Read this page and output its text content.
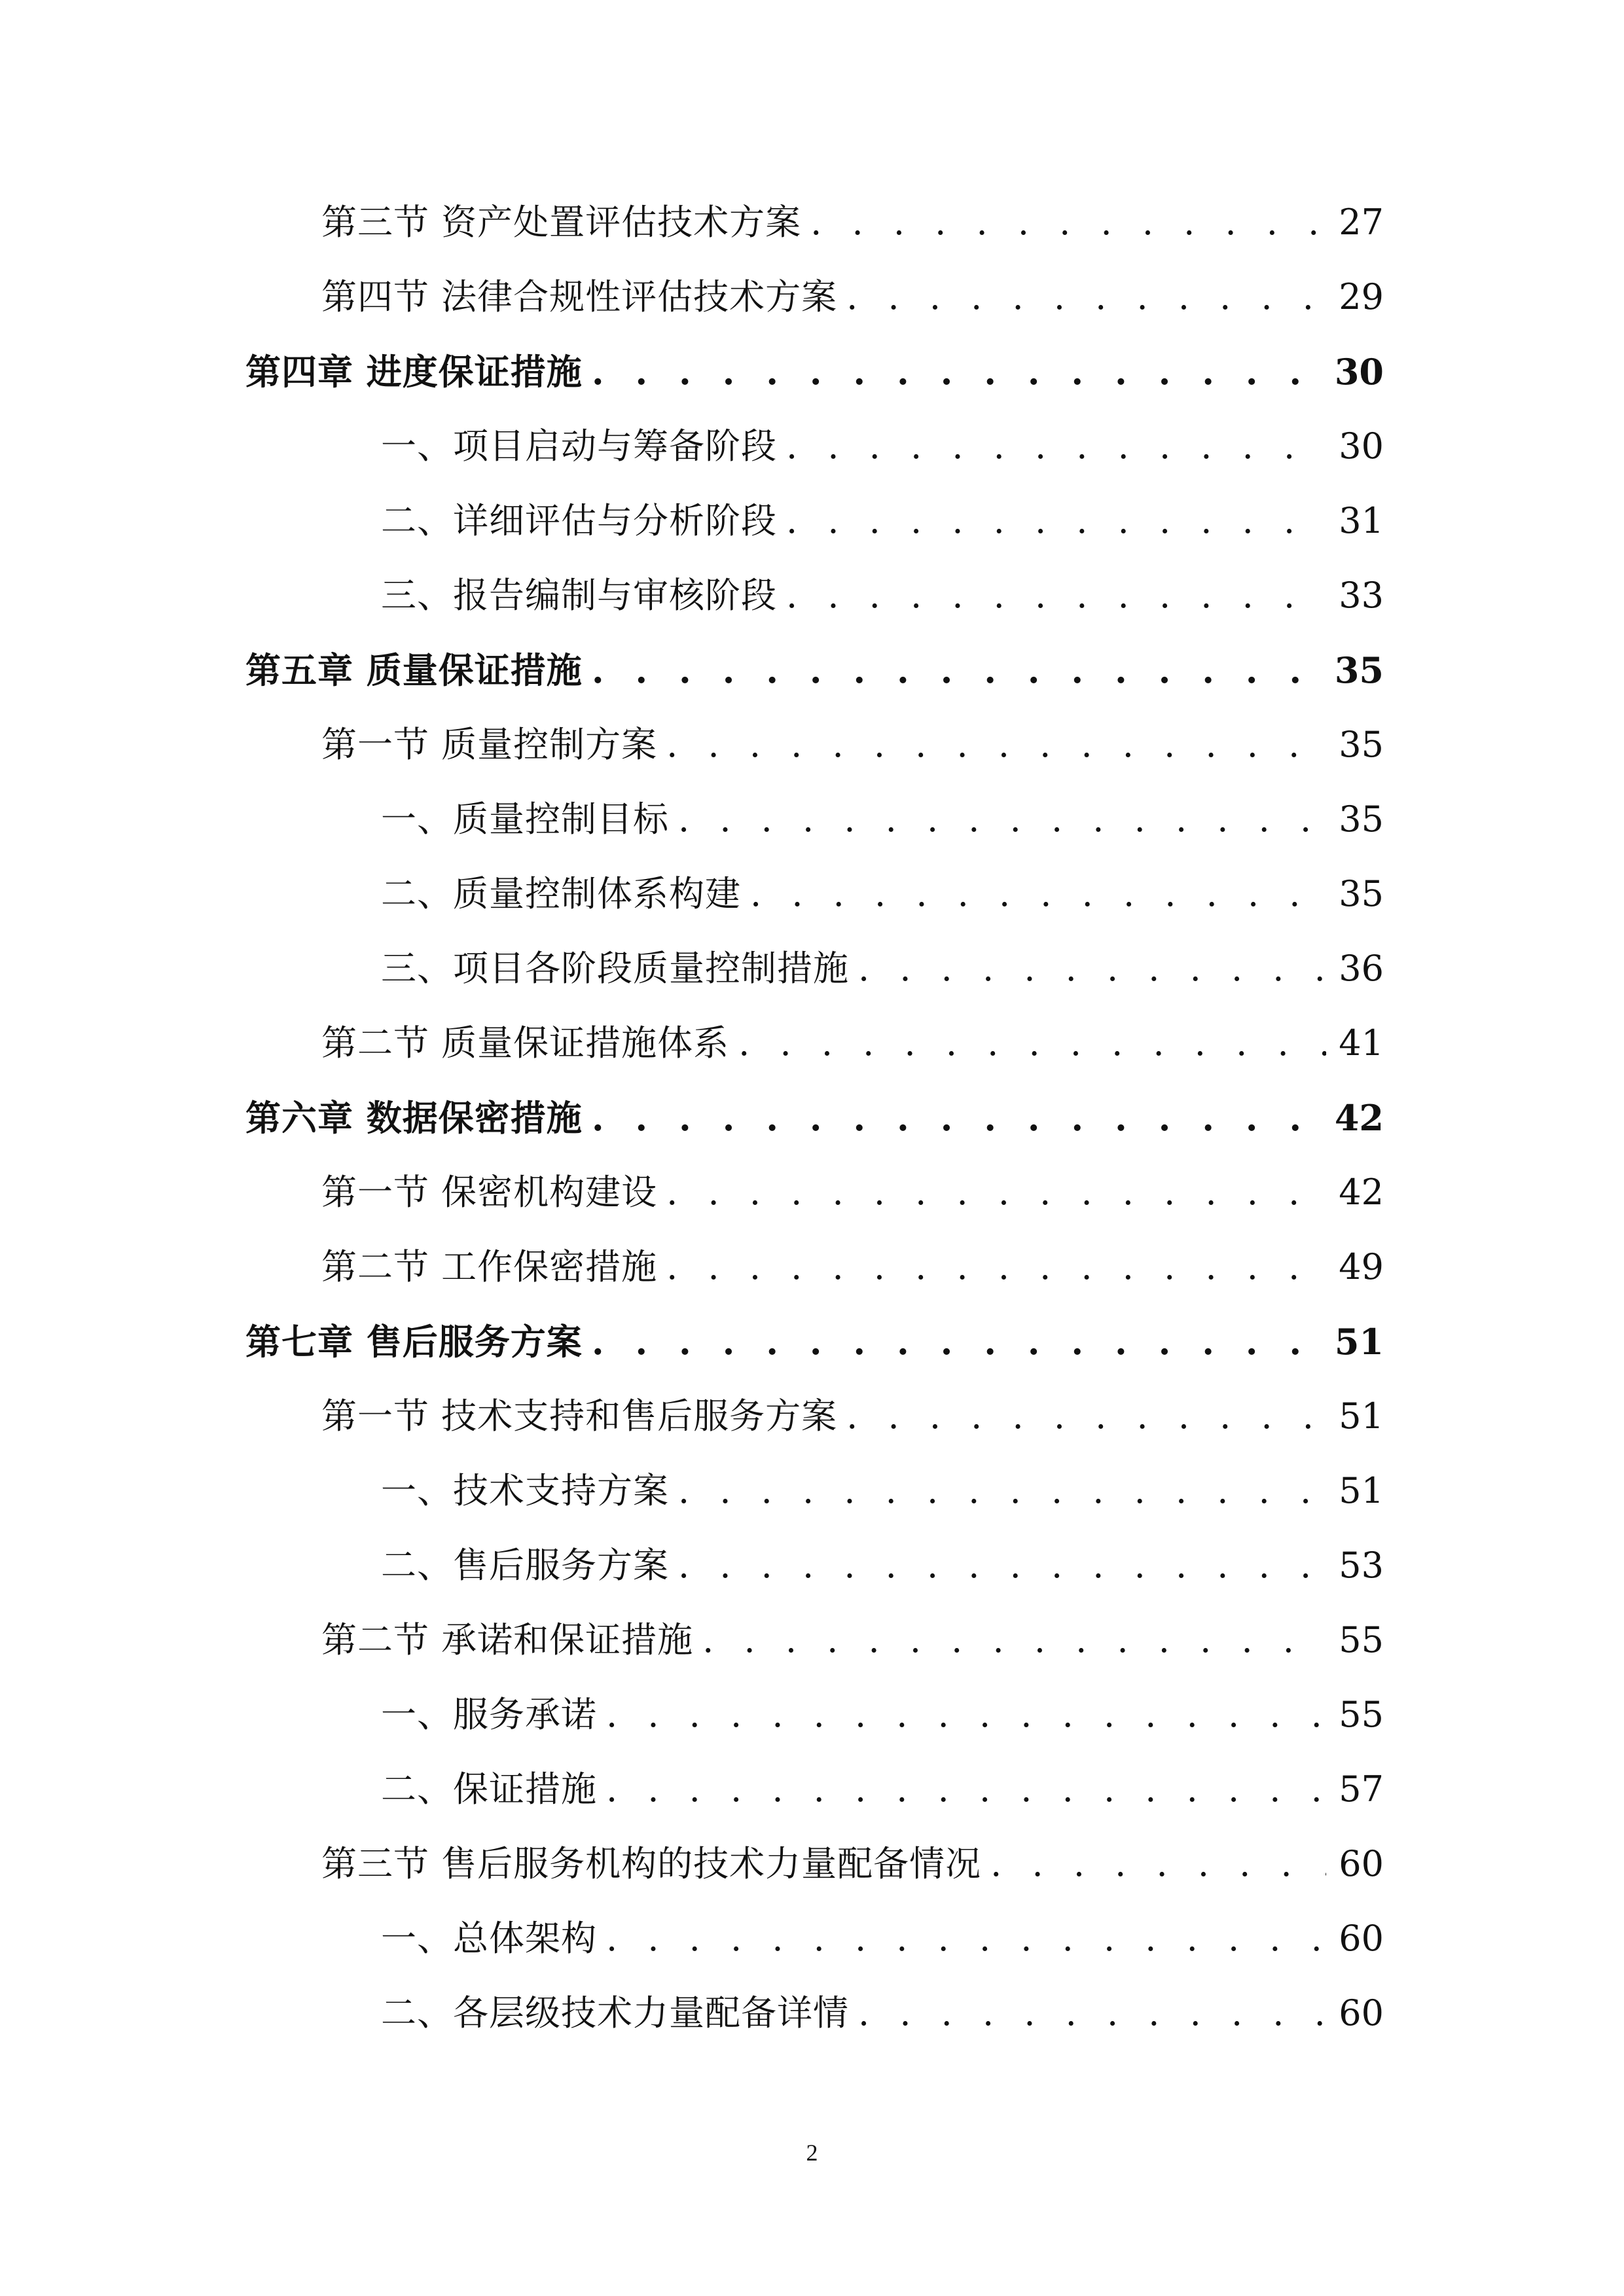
第三节 资产处置评估技术方案 . . .	27
第四节 法律合规性评估技术方案 . . .	29
第四章 进度保证措施 . . .	30
一、项目启动与筹备阶段 . . .	30
二、详细评估与分析阶段 . . .	31
三、报告编制与审核阶段 . . .	33
第五章 质量保证措施 . . .	35
第一节 质量控制方案 . . .	35
一、质量控制目标 . . .	35
二、质量控制体系构建 . . .	35
三、项目各阶段质量控制措施 . . .	36
第二节 质量保证措施体系 . . .	41
第六章 数据保密措施 . . .	42
第一节 保密机构建设 . . .	42
第二节 工作保密措施 . . .	49
第七章 售后服务方案 . . .	51
第一节 技术支持和售后服务方案 . . .	51
一、技术支持方案 . . .	51
二、售后服务方案 . . .	53
第二节 承诺和保证措施 . . .	55
一、服务承诺 . . .	55
二、保证措施 . . .	57
第三节 售后服务机构的技术力量配备情况 . . .	60
一、总体架构 . . .	60
二、各层级技术力量配备详情 . . .	60
2
